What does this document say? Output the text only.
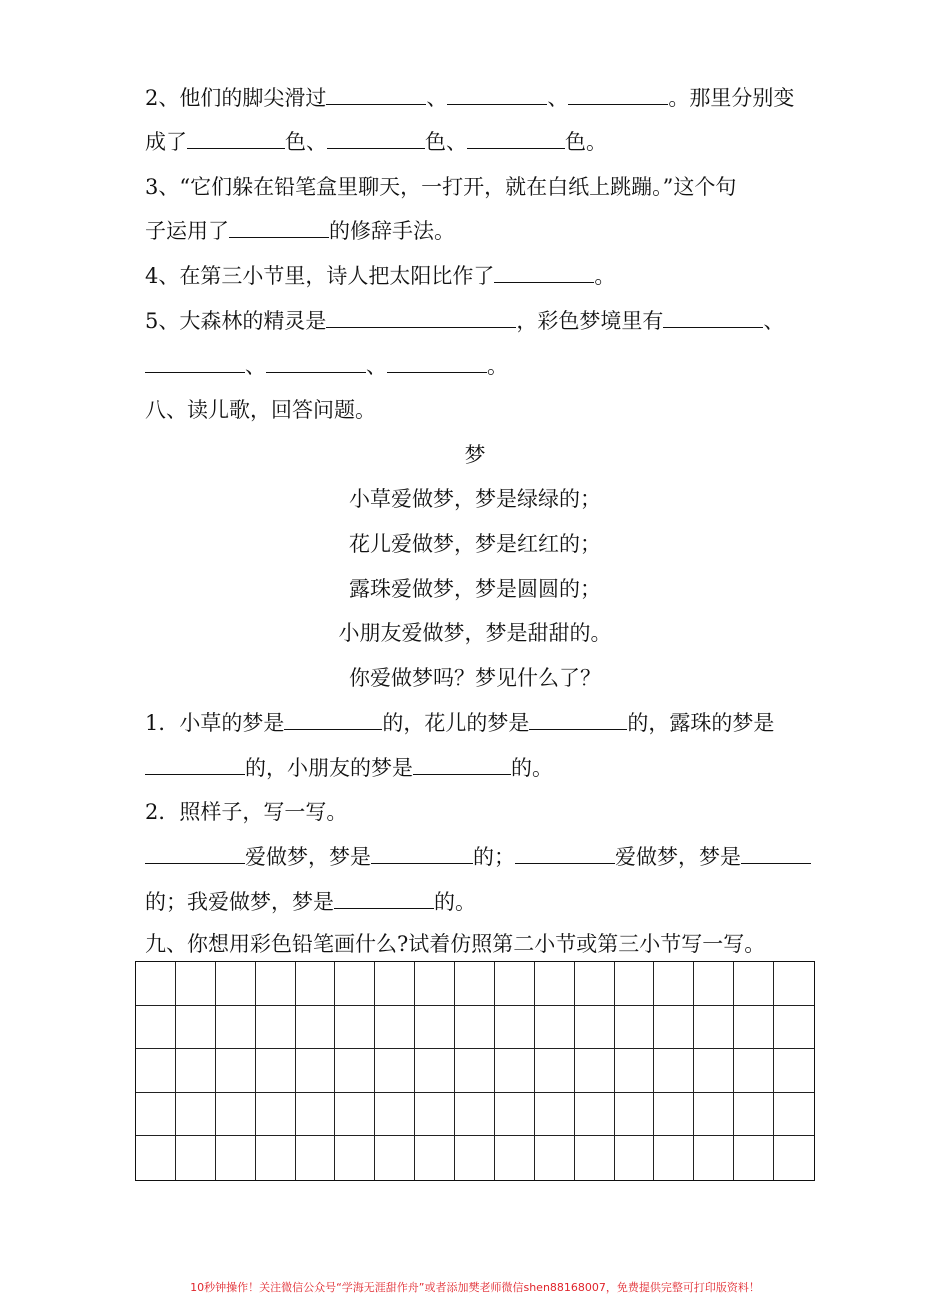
2、他们的脚尖滑过	、	、	。那里分别变
成了	色、	色、	色。
3、“它们躲在铅笔盒里聊天，一打开，就在白纸上跳蹦。”这个句
子运用了	的修辞手法。
4、在第三小节里，诗人把太阳比作了	。
5、大森林的精灵是	，彩色梦境里有	、
、	、	。
八、读儿歌，回答问题。
梦
小草爱做梦，梦是绿绿的；
花儿爱做梦，梦是红红的；
露珠爱做梦，梦是圆圆的；
小朋友爱做梦，梦是甜甜的。
你爱做梦吗？梦见什么了？
1．小草的梦是	的，花儿的梦是	的，露珠的梦是
的，小朋友的梦是	的。
2．照样子，写一写。
爱做梦，梦是	的；	爱做梦，梦是
的；我爱做梦，梦是	的。
九、你想用彩色铅笔画什么?试着仿照第二小节或第三小节写一写。
10秒钟操作！关注微信公众号“学海无涯甜作舟”或者添加樊老师微信shen88168007，免费提供完整可打印版资料！
